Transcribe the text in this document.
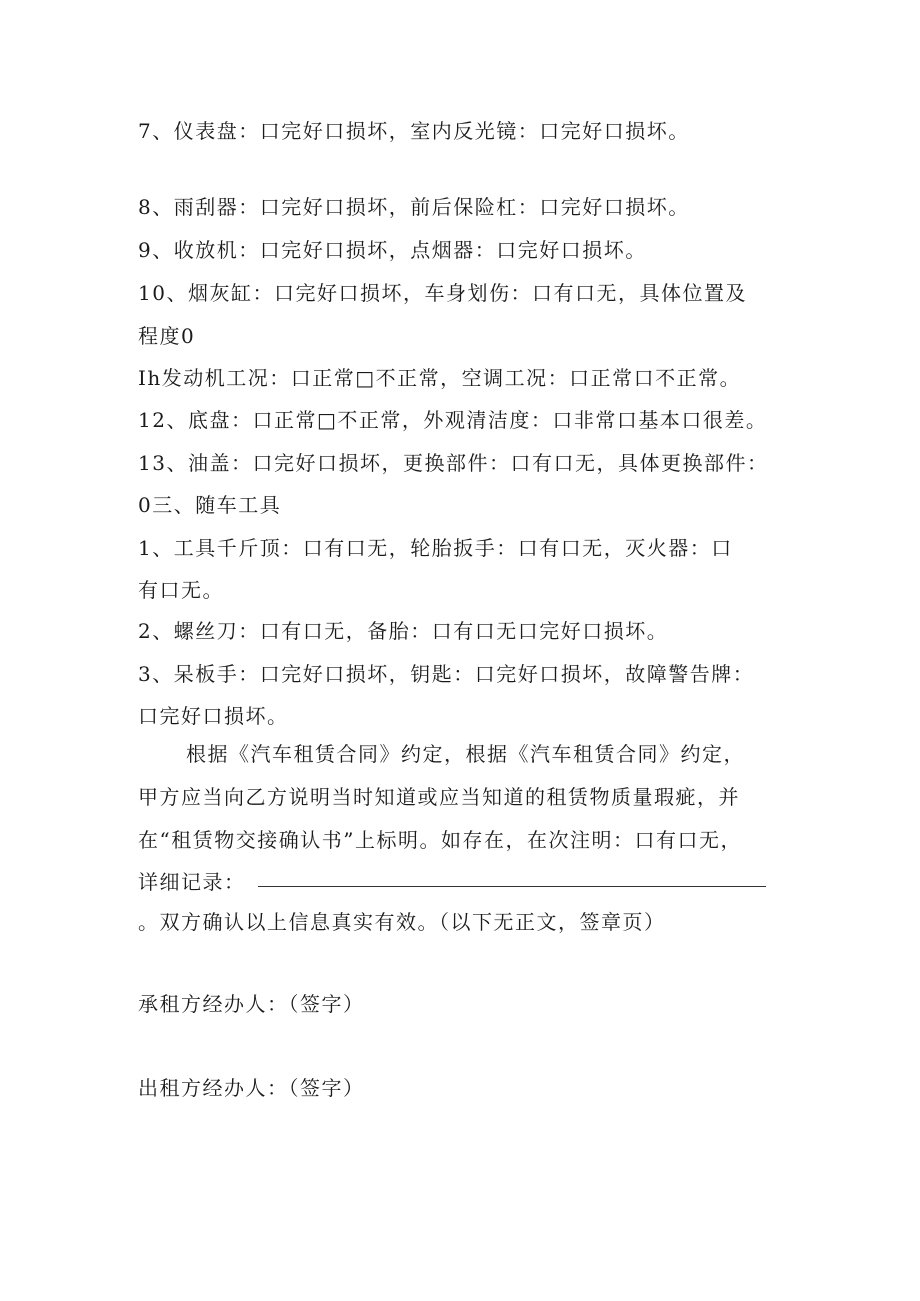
7、仪表盘：口完好口损坏，室内反光镜：口完好口损坏。
8、雨刮器：口完好口损坏，前后保险杠：口完好口损坏。
9、收放机：口完好口损坏，点烟器：口完好口损坏。
10、烟灰缸：口完好口损坏，车身划伤：口有口无，具体位置及
程度0
Ih发动机工况：口正常□不正常，空调工况：口正常口不正常。
12、底盘：口正常□不正常，外观清洁度：口非常口基本口很差。
13、油盖：口完好口损坏，更换部件：口有口无，具体更换部件：
0三、随车工具
1、工具千斤顶：口有口无，轮胎扳手：口有口无，灭火器：口
有口无。
2、螺丝刀：口有口无，备胎：口有口无口完好口损坏。
3、呆板手：口完好口损坏，钥匙：口完好口损坏，故障警告牌：
口完好口损坏。
根据《汽车租赁合同》约定，根据《汽车租赁合同》约定，
甲方应当向乙方说明当时知道或应当知道的租赁物质量瑕疵，并
在“租赁物交接确认书”上标明。如存在，在次注明：口有口无，
详细记录：
。双方确认以上信息真实有效。（以下无正文，签章页）
承租方经办人：（签字）
出租方经办人：（签字）
